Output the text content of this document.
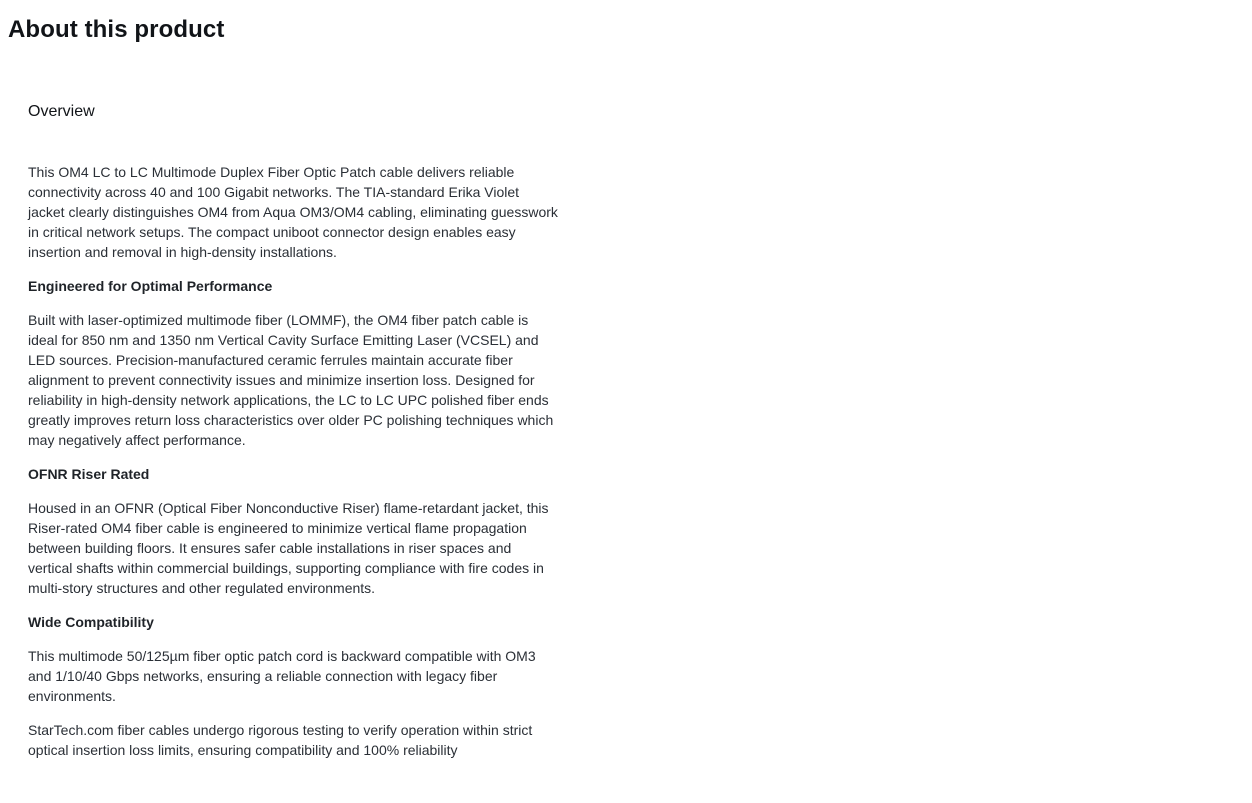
About this product
Overview

This OM4 LC to LC Multimode Duplex Fiber Optic Patch cable delivers reliable connectivity across 40 and 100 Gigabit networks. The TIA-standard Erika Violet jacket clearly distinguishes OM4 from Aqua OM3/OM4 cabling, eliminating guesswork in critical network setups. The compact uniboot connector design enables easy insertion and removal in high-density installations.

Engineered for Optimal Performance

Built with laser-optimized multimode fiber (LOMMF), the OM4 fiber patch cable is ideal for 850 nm and 1350 nm Vertical Cavity Surface Emitting Laser (VCSEL) and LED sources. Precision-manufactured ceramic ferrules maintain accurate fiber alignment to prevent connectivity issues and minimize insertion loss. Designed for reliability in high-density network applications, the LC to LC UPC polished fiber ends greatly improves return loss characteristics over older PC polishing techniques which may negatively affect performance.

OFNR Riser Rated

Housed in an OFNR (Optical Fiber Nonconductive Riser) flame-retardant jacket, this Riser-rated OM4 fiber cable is engineered to minimize vertical flame propagation between building floors. It ensures safer cable installations in riser spaces and vertical shafts within commercial buildings, supporting compliance with fire codes in multi-story structures and other regulated environments.

Wide Compatibility

This multimode 50/125µm fiber optic patch cord is backward compatible with OM3 and 1/10/40 Gbps networks, ensuring a reliable connection with legacy fiber environments.

StarTech.com fiber cables undergo rigorous testing to verify operation within strict optical insertion loss limits, ensuring compatibility and 100% reliability
